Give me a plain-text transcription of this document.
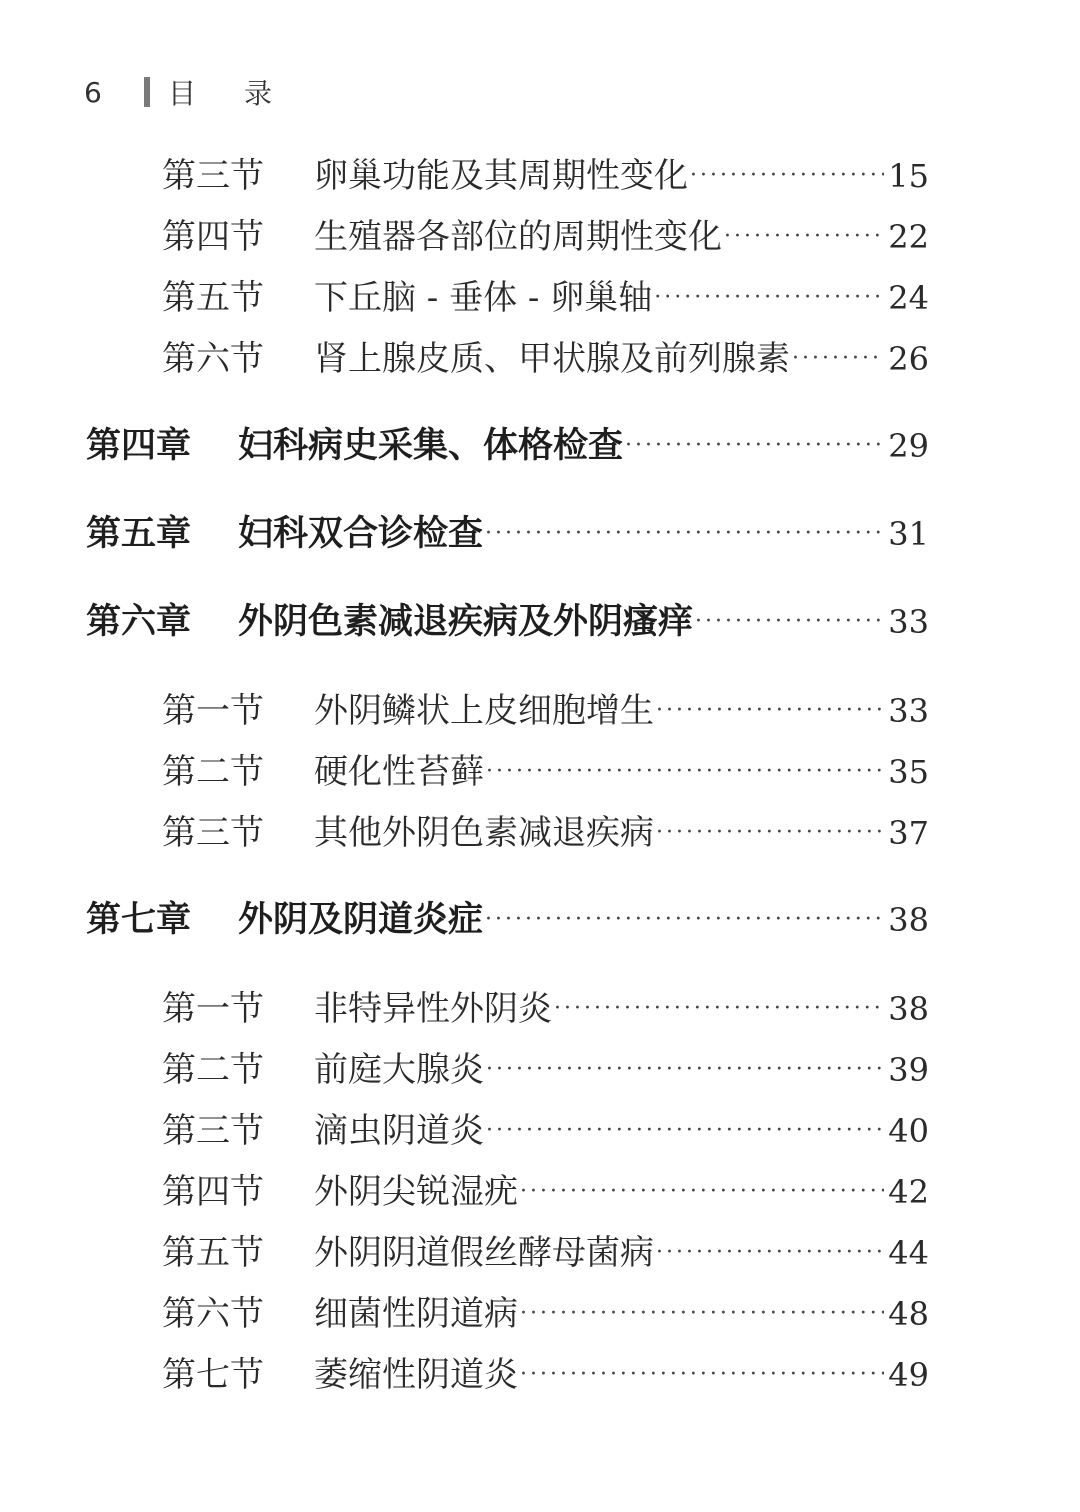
6	目录
第三节	卵巢功能及其周期性变化 ·····	15
第四节	生殖器各部位的周期性变化 ·····	22
第五节	下丘脑 - 垂体 - 卵巢轴 ·····	24
第六节	肾上腺皮质、甲状腺及前列腺素 ·····	26
第四章	妇科病史采集、体格检查 ·····	29
第五章	妇科双合诊检查 ·····	31
第六章	外阴色素减退疾病及外阴瘙痒 ·····	33
第一节	外阴鳞状上皮细胞增生 ·····	33
第二节	硬化性苔藓 ·····	35
第三节	其他外阴色素减退疾病 ·····	37
第七章	外阴及阴道炎症 ·····	38
第一节	非特异性外阴炎 ·····	38
第二节	前庭大腺炎 ·····	39
第三节	滴虫阴道炎 ·····	40
第四节	外阴尖锐湿疣 ·····	42
第五节	外阴阴道假丝酵母菌病 ·····	44
第六节	细菌性阴道病 ·····	48
第七节	萎缩性阴道炎 ·····	49
